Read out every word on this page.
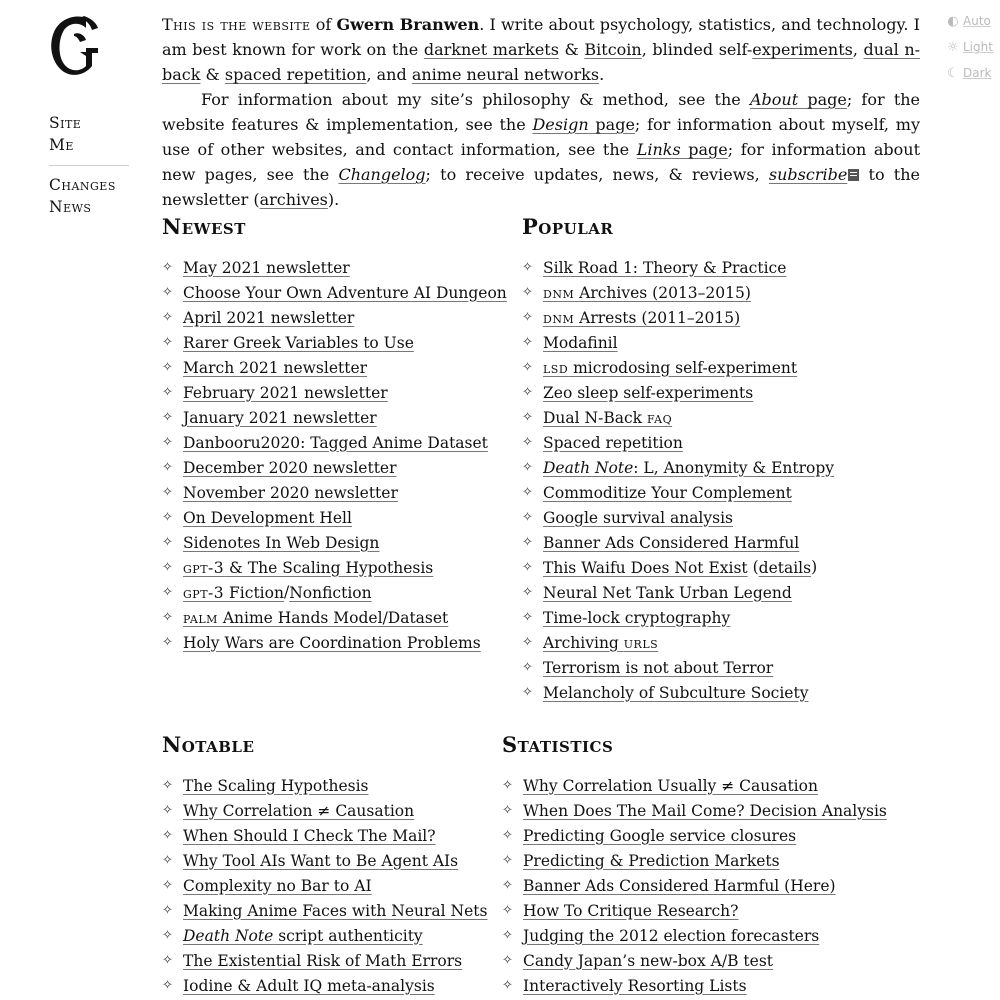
Site
Me
Changes
News
◐ Auto
☼ Light
☾ Dark

This is the website of Gwern Branwen. I write about psychology, statistics, and technology. I am best known for work on the darknet markets & Bitcoin, blinded self-experiments, dual n-back & spaced repetition, and anime neural networks.

For information about my site’s philosophy & method, see the About page; for the website features & implementation, see the Design page; for information about myself, my use of other websites, and contact information, see the Links page; for information about new pages, see the Changelog; to receive updates, news, & reviews, subscribe to the newsletter (archives).

Newest
✧ May 2021 newsletter
✧ Choose Your Own Adventure AI Dungeon
✧ April 2021 newsletter
✧ Rarer Greek Variables to Use
✧ March 2021 newsletter
✧ February 2021 newsletter
✧ January 2021 newsletter
✧ Danbooru2020: Tagged Anime Dataset
✧ December 2020 newsletter
✧ November 2020 newsletter
✧ On Development Hell
✧ Sidenotes In Web Design
✧ gpt-3 & The Scaling Hypothesis
✧ gpt-3 Fiction / Nonfiction
✧ palm Anime Hands Model/Dataset
✧ Holy Wars are Coordination Problems
Popular
✧ Silk Road 1: Theory & Practice
✧ dnm Archives (2013–2015)
✧ dnm Arrests (2011–2015)
✧ Modafinil
✧ lsd microdosing self-experiment
✧ Zeo sleep self-experiments
✧ Dual N-Back faq
✧ Spaced repetition
✧ Death Note: L, Anonymity & Entropy
✧ Commoditize Your Complement
✧ Google survival analysis
✧ Banner Ads Considered Harmful
✧ This Waifu Does Not Exist ( details )
✧ Neural Net Tank Urban Legend
✧ Time-lock cryptography
✧ Archiving urls
✧ Terrorism is not about Terror
✧ Melancholy of Subculture Society
Notable
✧ The Scaling Hypothesis
✧ Why Correlation ≠ Causation
✧ When Should I Check The Mail?
✧ Why Tool AIs Want to Be Agent AIs
✧ Complexity no Bar to AI
✧ Making Anime Faces with Neural Nets
✧ Death Note script authenticity
✧ The Existential Risk of Math Errors
✧ Iodine & Adult IQ meta-analysis
Statistics
✧ Why Correlation Usually ≠ Causation
✧ When Does The Mail Come? Decision Analysis
✧ Predicting Google service closures
✧ Predicting & Prediction Markets
✧ Banner Ads Considered Harmful (Here)
✧ How To Critique Research?
✧ Judging the 2012 election forecasters
✧ Candy Japan’s new-box A/B test
✧ Interactively Resorting Lists
